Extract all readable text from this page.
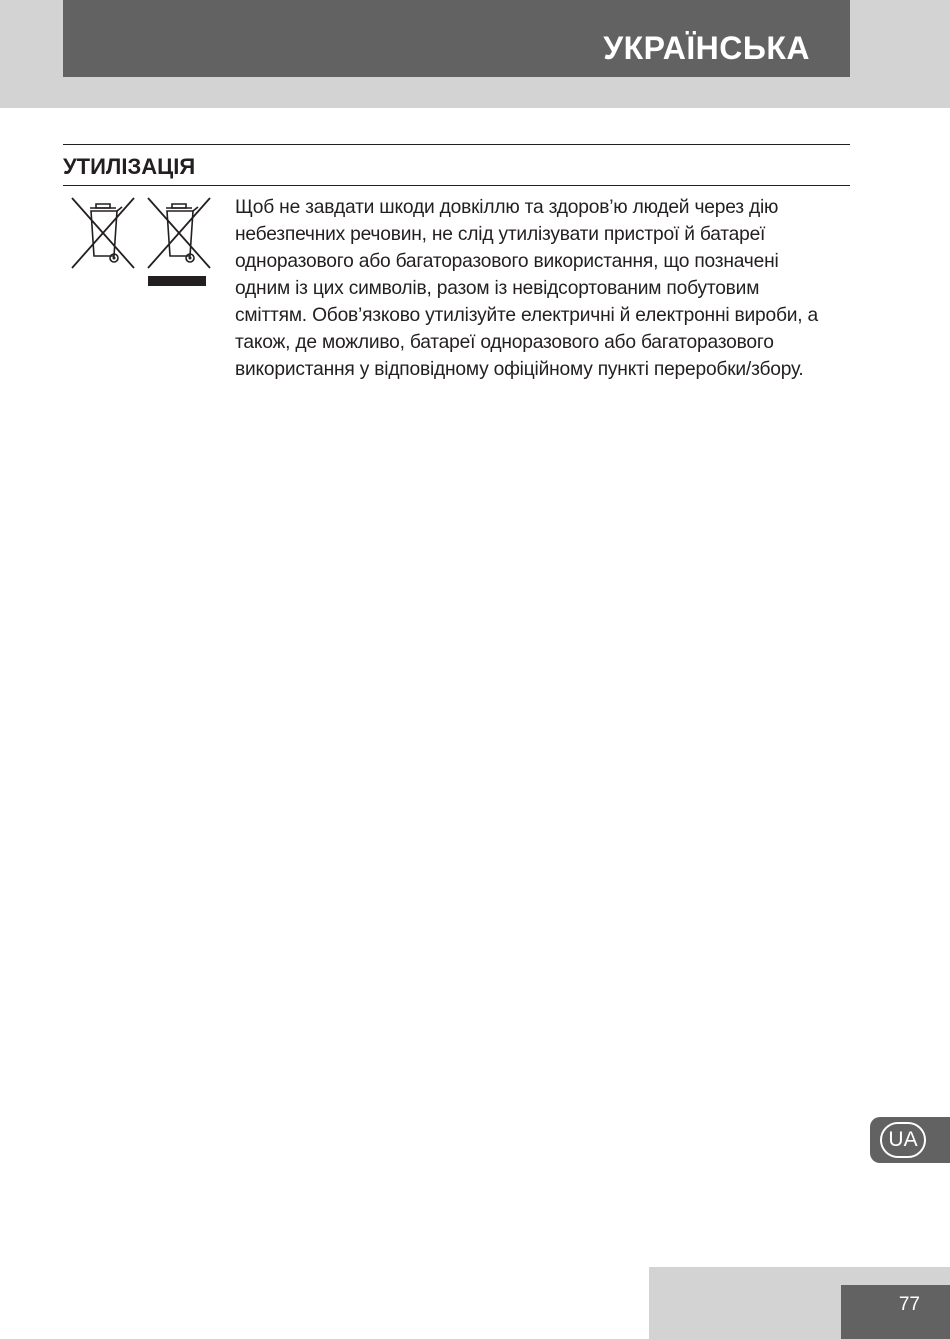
УКРАЇНСЬКА
УТИЛІЗАЦІЯ
Щоб не завдати шкоди довкіллю та здоров’ю людей через дію
небезпечних речовин, не слід утилізувати пристрої й батареї
одноразового або багаторазового використання, що позначені
одним із цих символів, разом із невідсортованим побутовим
сміттям. Обов’язково утилізуйте електричні й електронні вироби, а
також, де можливо, батареї одноразового або багаторазового
використання у відповідному офіційному пункті переробки/збору.
UA
77
